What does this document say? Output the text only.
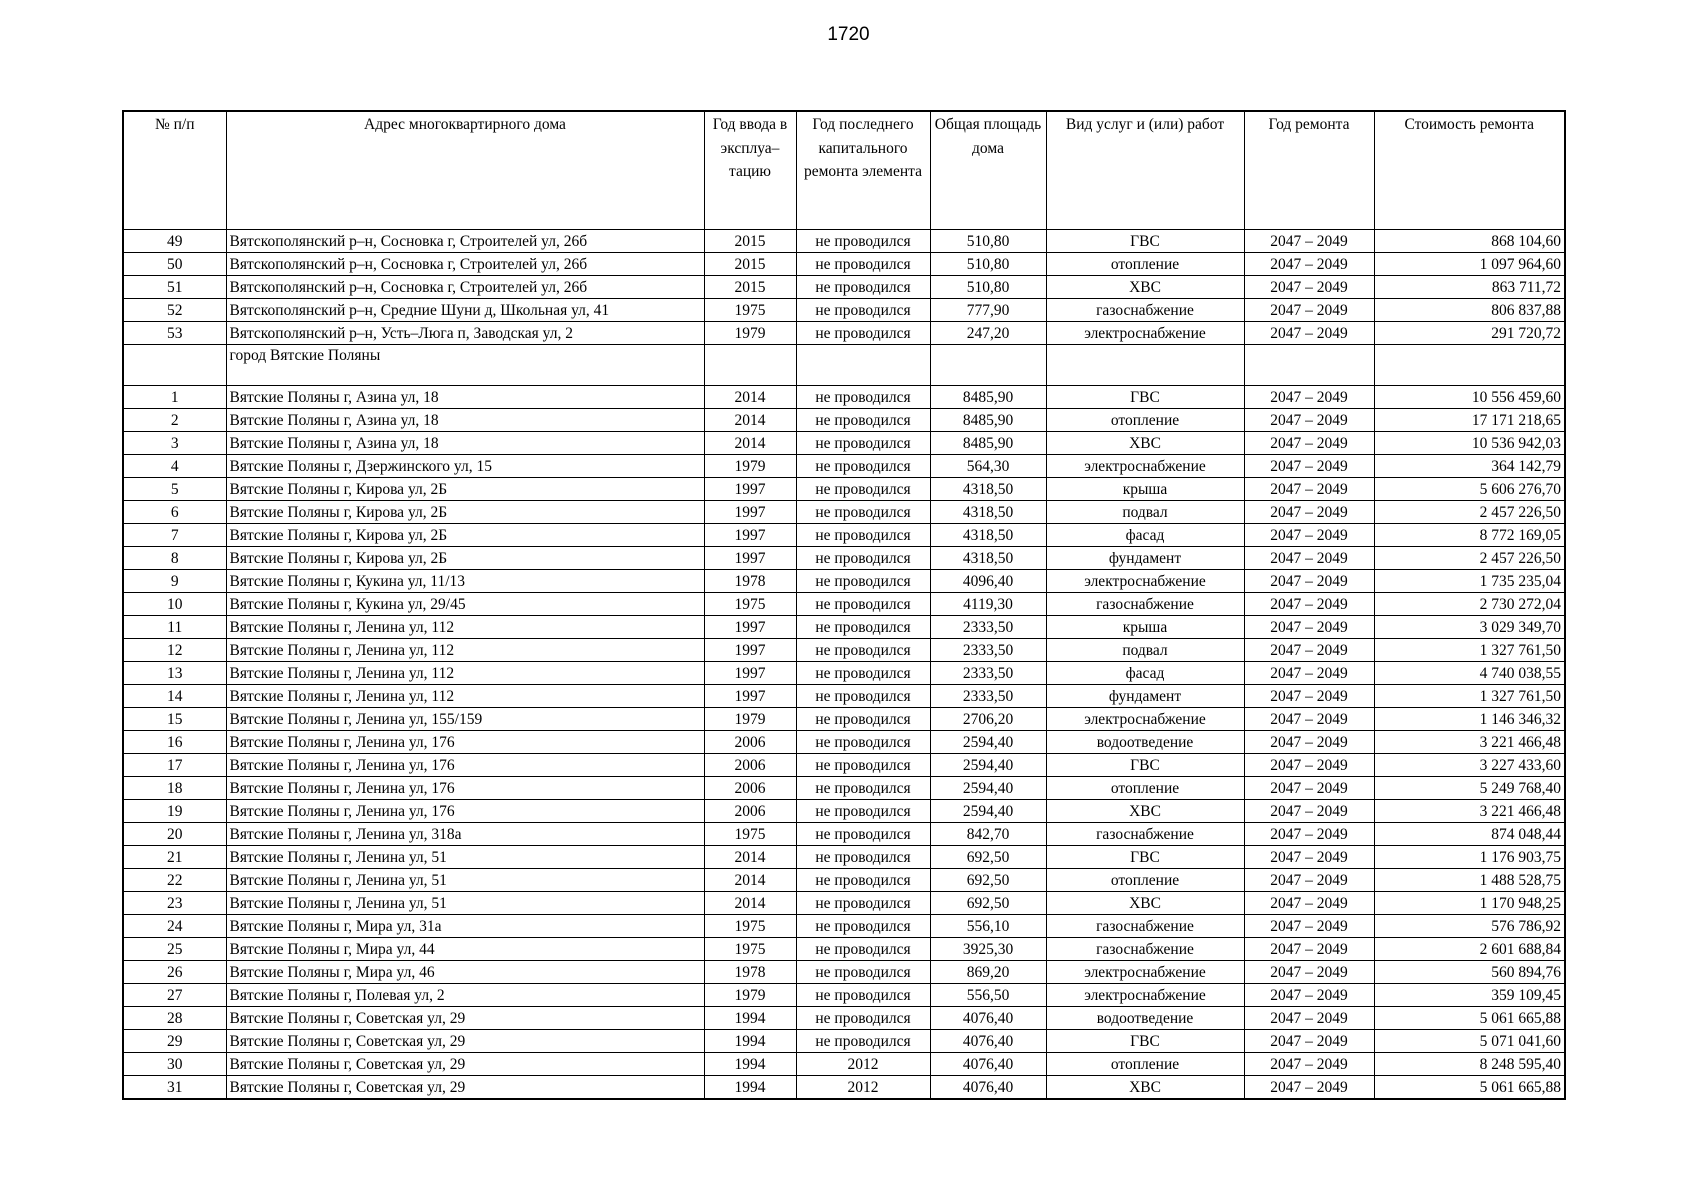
1720
№ п/п	Адрес многоквартирного дома	Год ввода в эксплуа– тацию	Год последнего капитального ремонта элемента	Общая площадь дома	Вид услуг и (или) работ	Год ремонта	Стоимость ремонта
49	Вятскополянский р–н, Сосновка г, Строителей ул, 26б	2015	не проводился	510,80	ГВС	2047 – 2049	868 104,60
50	Вятскополянский р–н, Сосновка г, Строителей ул, 26б	2015	не проводился	510,80	отопление	2047 – 2049	1 097 964,60
51	Вятскополянский р–н, Сосновка г, Строителей ул, 26б	2015	не проводился	510,80	ХВС	2047 – 2049	863 711,72
52	Вятскополянский р–н, Средние Шуни д, Школьная ул, 41	1975	не проводился	777,90	газоснабжение	2047 – 2049	806 837,88
53	Вятскополянский р–н, Усть–Люга п, Заводская ул, 2	1979	не проводился	247,20	электроснабжение	2047 – 2049	291 720,72
	город Вятские Поляны						
1	Вятские Поляны г, Азина ул, 18	2014	не проводился	8485,90	ГВС	2047 – 2049	10 556 459,60
2	Вятские Поляны г, Азина ул, 18	2014	не проводился	8485,90	отопление	2047 – 2049	17 171 218,65
3	Вятские Поляны г, Азина ул, 18	2014	не проводился	8485,90	ХВС	2047 – 2049	10 536 942,03
4	Вятские Поляны г, Дзержинского ул, 15	1979	не проводился	564,30	электроснабжение	2047 – 2049	364 142,79
5	Вятские Поляны г, Кирова ул, 2Б	1997	не проводился	4318,50	крыша	2047 – 2049	5 606 276,70
6	Вятские Поляны г, Кирова ул, 2Б	1997	не проводился	4318,50	подвал	2047 – 2049	2 457 226,50
7	Вятские Поляны г, Кирова ул, 2Б	1997	не проводился	4318,50	фасад	2047 – 2049	8 772 169,05
8	Вятские Поляны г, Кирова ул, 2Б	1997	не проводился	4318,50	фундамент	2047 – 2049	2 457 226,50
9	Вятские Поляны г, Кукина ул, 11/13	1978	не проводился	4096,40	электроснабжение	2047 – 2049	1 735 235,04
10	Вятские Поляны г, Кукина ул, 29/45	1975	не проводился	4119,30	газоснабжение	2047 – 2049	2 730 272,04
11	Вятские Поляны г, Ленина ул, 112	1997	не проводился	2333,50	крыша	2047 – 2049	3 029 349,70
12	Вятские Поляны г, Ленина ул, 112	1997	не проводился	2333,50	подвал	2047 – 2049	1 327 761,50
13	Вятские Поляны г, Ленина ул, 112	1997	не проводился	2333,50	фасад	2047 – 2049	4 740 038,55
14	Вятские Поляны г, Ленина ул, 112	1997	не проводился	2333,50	фундамент	2047 – 2049	1 327 761,50
15	Вятские Поляны г, Ленина ул, 155/159	1979	не проводился	2706,20	электроснабжение	2047 – 2049	1 146 346,32
16	Вятские Поляны г, Ленина ул, 176	2006	не проводился	2594,40	водоотведение	2047 – 2049	3 221 466,48
17	Вятские Поляны г, Ленина ул, 176	2006	не проводился	2594,40	ГВС	2047 – 2049	3 227 433,60
18	Вятские Поляны г, Ленина ул, 176	2006	не проводился	2594,40	отопление	2047 – 2049	5 249 768,40
19	Вятские Поляны г, Ленина ул, 176	2006	не проводился	2594,40	ХВС	2047 – 2049	3 221 466,48
20	Вятские Поляны г, Ленина ул, 318а	1975	не проводился	842,70	газоснабжение	2047 – 2049	874 048,44
21	Вятские Поляны г, Ленина ул, 51	2014	не проводился	692,50	ГВС	2047 – 2049	1 176 903,75
22	Вятские Поляны г, Ленина ул, 51	2014	не проводился	692,50	отопление	2047 – 2049	1 488 528,75
23	Вятские Поляны г, Ленина ул, 51	2014	не проводился	692,50	ХВС	2047 – 2049	1 170 948,25
24	Вятские Поляны г, Мира ул, 31а	1975	не проводился	556,10	газоснабжение	2047 – 2049	576 786,92
25	Вятские Поляны г, Мира ул, 44	1975	не проводился	3925,30	газоснабжение	2047 – 2049	2 601 688,84
26	Вятские Поляны г, Мира ул, 46	1978	не проводился	869,20	электроснабжение	2047 – 2049	560 894,76
27	Вятские Поляны г, Полевая ул, 2	1979	не проводился	556,50	электроснабжение	2047 – 2049	359 109,45
28	Вятские Поляны г, Советская ул, 29	1994	не проводился	4076,40	водоотведение	2047 – 2049	5 061 665,88
29	Вятские Поляны г, Советская ул, 29	1994	не проводился	4076,40	ГВС	2047 – 2049	5 071 041,60
30	Вятские Поляны г, Советская ул, 29	1994	2012	4076,40	отопление	2047 – 2049	8 248 595,40
31	Вятские Поляны г, Советская ул, 29	1994	2012	4076,40	ХВС	2047 – 2049	5 061 665,88
